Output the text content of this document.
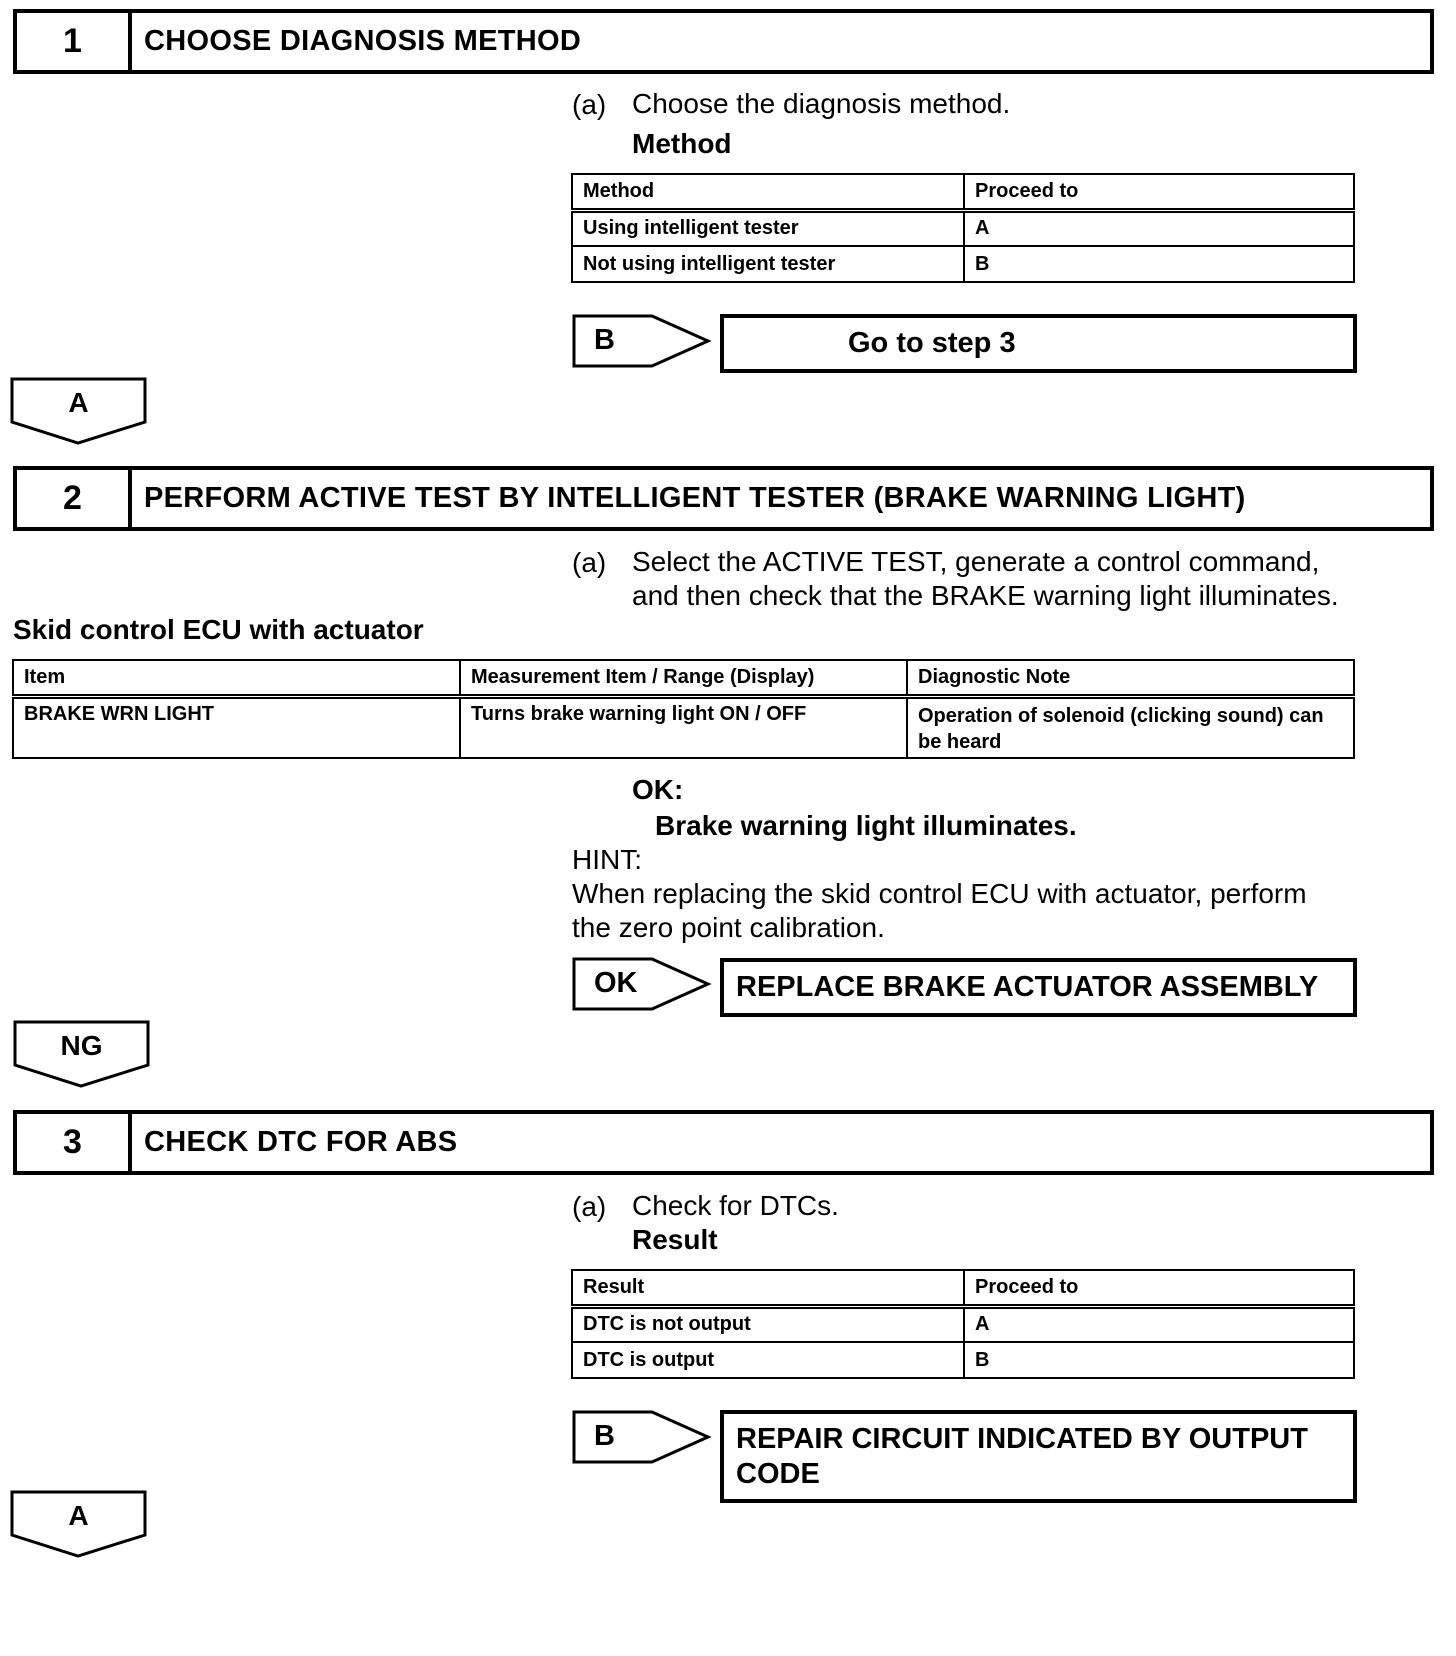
1	CHOOSE DIAGNOSIS METHOD
(a) Choose the diagnosis method.
Method
Method	Proceed to
Using intelligent tester	A
Not using intelligent tester	B
B	Go to step 3
A
2	PERFORM ACTIVE TEST BY INTELLIGENT TESTER (BRAKE WARNING LIGHT)
(a) Select the ACTIVE TEST, generate a control command,
and then check that the BRAKE warning light illuminates.
Skid control ECU with actuator
Item	Measurement Item / Range (Display)	Diagnostic Note
BRAKE WRN LIGHT	Turns brake warning light ON / OFF	Operation of solenoid (clicking sound) can be heard
OK:
Brake warning light illuminates.
HINT:
When replacing the skid control ECU with actuator, perform
the zero point calibration.
OK	REPLACE BRAKE ACTUATOR ASSEMBLY
NG
3	CHECK DTC FOR ABS
(a) Check for DTCs.
Result
Result	Proceed to
DTC is not output	A
DTC is output	B
B	REPAIR CIRCUIT INDICATED BY OUTPUT
CODE
A
